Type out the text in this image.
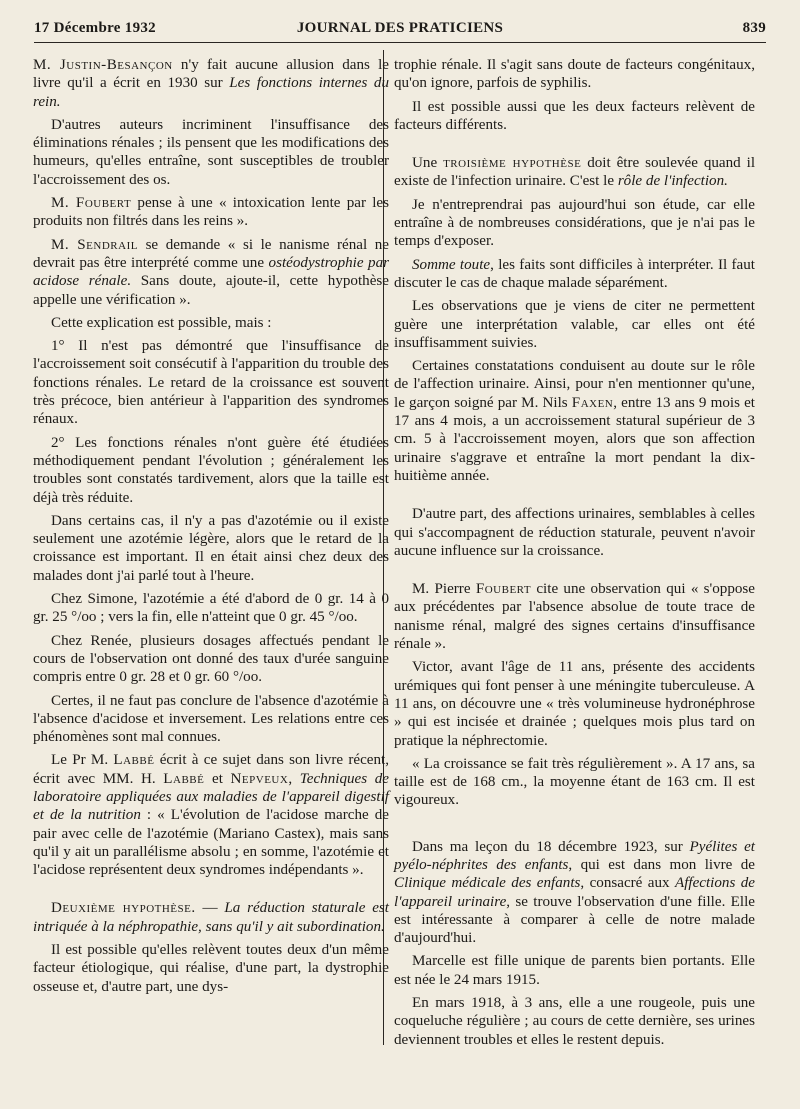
17 Décembre 1932	JOURNAL DES PRATICIENS	839

M. Justin-Besançon n'y fait aucune allusion dans le livre qu'il a écrit en 1930 sur Les fonctions internes du rein.

D'autres auteurs incriminent l'insuffisance des éliminations rénales ; ils pensent que les modifications des humeurs, qu'elles entraîne, sont susceptibles de troubler l'accroissement des os.

M. Foubert pense à une « intoxication lente par les produits non filtrés dans les reins ».

M. Sendrail se demande « si le nanisme rénal ne devrait pas être interprété comme une ostéodystrophie par acidose rénale. Sans doute, ajoute-il, cette hypothèse appelle une vérification ».

Cette explication est possible, mais :

1° Il n'est pas démontré que l'insuffisance de l'accroissement soit consécutif à l'apparition du trouble des fonctions rénales. Le retard de la croissance est souvent très précoce, bien antérieur à l'apparition des syndromes rénaux.

2° Les fonctions rénales n'ont guère été étudiées méthodiquement pendant l'évolution ; généralement les troubles sont constatés tardivement, alors que la taille est déjà très réduite.

Dans certains cas, il n'y a pas d'azotémie ou il existe seulement une azotémie légère, alors que le retard de la croissance est important. Il en était ainsi chez deux des malades dont j'ai parlé tout à l'heure.

Chez Simone, l'azotémie a été d'abord de 0 gr. 14 à 0 gr. 25 °/oo ; vers la fin, elle n'atteint que 0 gr. 45 °/oo.

Chez Renée, plusieurs dosages affectués pendant le cours de l'observation ont donné des taux d'urée sanguine compris entre 0 gr. 28 et 0 gr. 60 °/oo.

Certes, il ne faut pas conclure de l'absence d'azotémie à l'absence d'acidose et inversement. Les relations entre ces phénomènes sont mal connues.

Le Pr M. Labbé écrit à ce sujet dans son livre récent, écrit avec MM. H. Labbé et Nepveux, Techniques de laboratoire appliquées aux maladies de l'appareil digestif et de la nutrition : « L'évolution de l'acidose marche de pair avec celle de l'azotémie (Mariano Castex), mais sans qu'il y ait un parallélisme absolu ; en somme, l'azotémie et l'acidose représentent deux syndromes indépendants ».

Deuxième hypothèse. — La réduction staturale est intriquée à la néphropathie, sans qu'il y ait subordination.

Il est possible qu'elles relèvent toutes deux d'un même facteur étiologique, qui réalise, d'une part, la dystrophie osseuse et, d'autre part, une dys-

trophie rénale. Il s'agit sans doute de facteurs congénitaux, qu'on ignore, parfois de syphilis.

Il est possible aussi que les deux facteurs relèvent de facteurs différents.

Une troisième hypothèse doit être soulevée quand il existe de l'infection urinaire. C'est le rôle de l'infection.

Je n'entreprendrai pas aujourd'hui son étude, car elle entraîne à de nombreuses considérations, que je n'ai pas le temps d'exposer.

Somme toute, les faits sont difficiles à interpréter. Il faut discuter le cas de chaque malade séparément.

Les observations que je viens de citer ne permettent guère une interprétation valable, car elles ont été insuffisamment suivies.

Certaines constatations conduisent au doute sur le rôle de l'affection urinaire. Ainsi, pour n'en mentionner qu'une, le garçon soigné par M. Nils Faxen, entre 13 ans 9 mois et 17 ans 4 mois, a un accroissement statural supérieur de 3 cm. 5 à l'accroissement moyen, alors que son affection urinaire s'aggrave et entraîne la mort pendant la dix-huitième année.

D'autre part, des affections urinaires, semblables à celles qui s'accompagnent de réduction staturale, peuvent n'avoir aucune influence sur la croissance.

M. Pierre Foubert cite une observation qui « s'oppose aux précédentes par l'absence absolue de toute trace de nanisme rénal, malgré des signes certains d'insuffisance rénale ».

Victor, avant l'âge de 11 ans, présente des accidents urémiques qui font penser à une méningite tuberculeuse. A 11 ans, on découvre une « très volumineuse hydronéphrose » qui est incisée et drainée ; quelques mois plus tard on pratique la néphrectomie.

« La croissance se fait très régulièrement ». A 17 ans, sa taille est de 168 cm., la moyenne étant de 163 cm. Il est vigoureux.

Dans ma leçon du 18 décembre 1923, sur Pyélites et pyélo-néphrites des enfants, qui est dans mon livre de Clinique médicale des enfants, consacré aux Affections de l'appareil urinaire, se trouve l'observation d'une fille. Elle est intéressante à comparer à celle de notre malade d'aujourd'hui.

Marcelle est fille unique de parents bien portants. Elle est née le 24 mars 1915.

En mars 1918, à 3 ans, elle a une rougeole, puis une coqueluche régulière ; au cours de cette dernière, ses urines deviennent troubles et elles le restent depuis.
